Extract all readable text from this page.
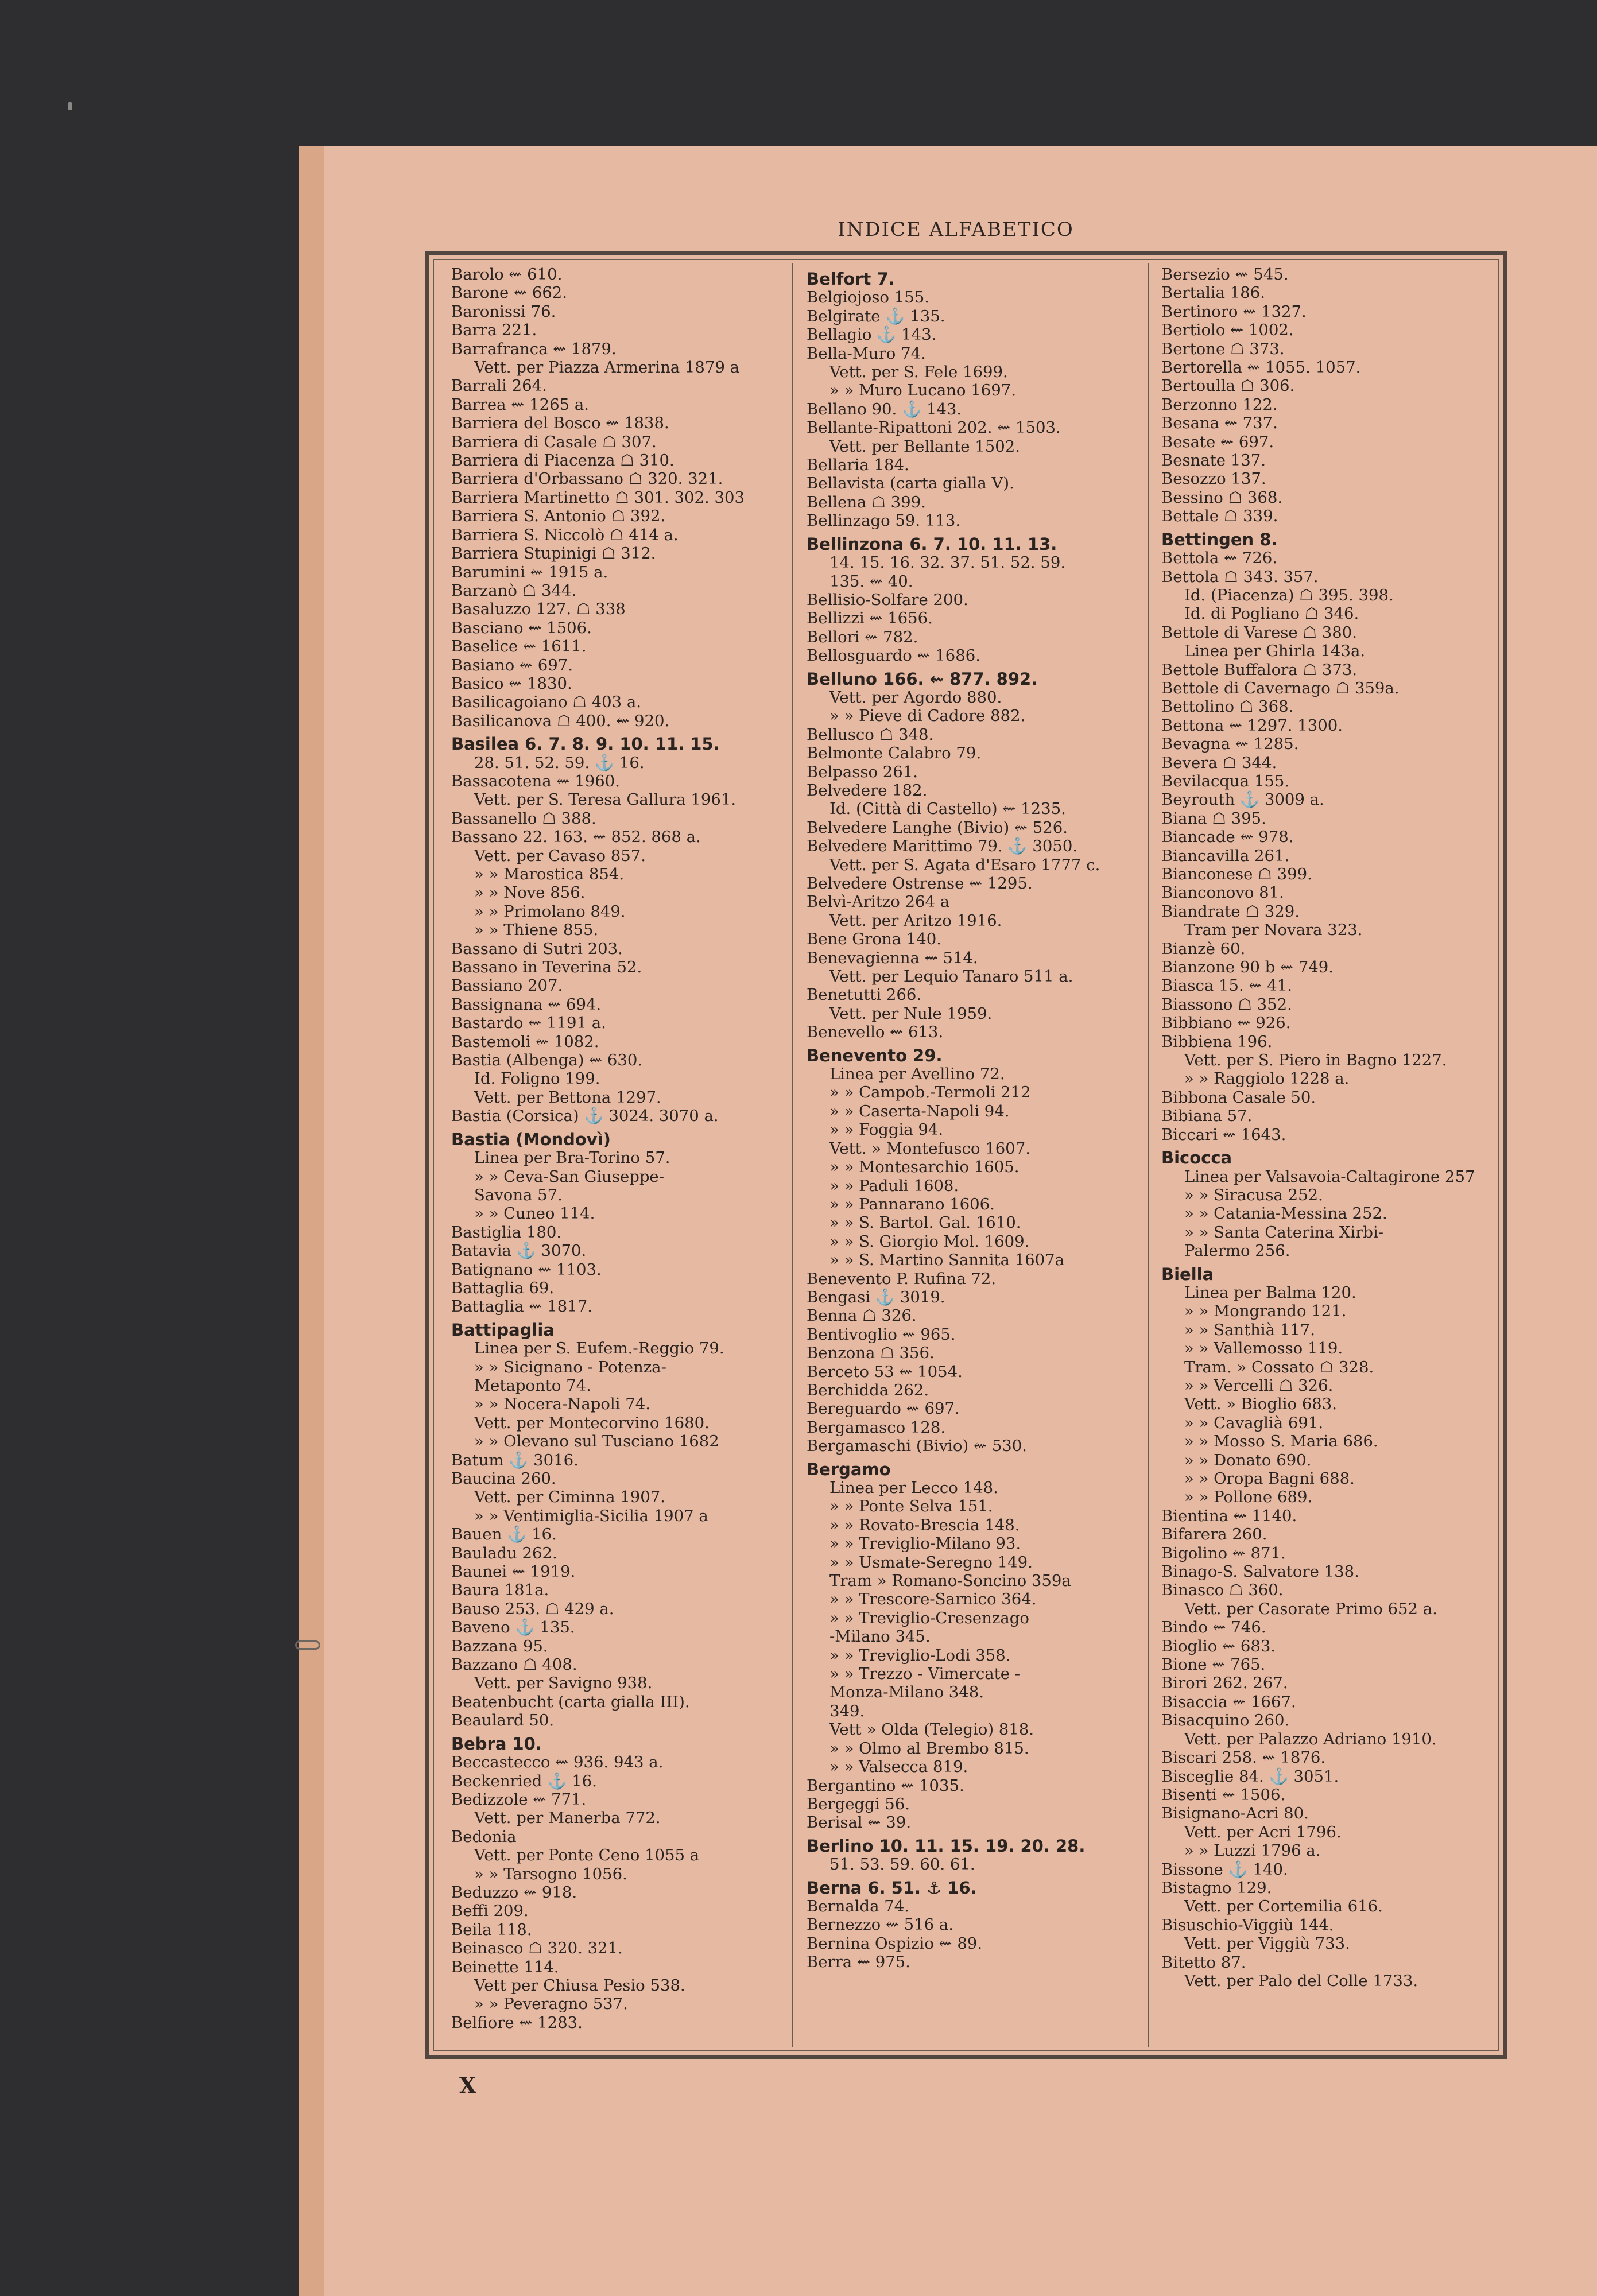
INDICE ALFABETICO
Barolo ⇜ 610.
Barone ⇜ 662.
Baronissi 76.
Barra 221.
Barrafranca ⇜ 1879.
Vett. per Piazza Armerina 1879 a
Barrali 264.
Barrea ⇜ 1265 a.
Barriera del Bosco ⇜ 1838.
Barriera di Casale ☖ 307.
Barriera di Piacenza ☖ 310.
Barriera d'Orbassano ☖ 320. 321.
Barriera Martinetto ☖ 301. 302. 303
Barriera S. Antonio ☖ 392.
Barriera S. Niccolò ☖ 414 a.
Barriera Stupinigi ☖ 312.
Barumini ⇜ 1915 a.
Barzanò ☖ 344.
Basaluzzo 127. ☖ 338
Basciano ⇜ 1506.
Baselice ⇜ 1611.
Basiano ⇜ 697.
Basico ⇜ 1830.
Basilicagoiano ☖ 403 a.
Basilicanova ☖ 400. ⇜ 920.
Basilea 6. 7. 8. 9. 10. 11. 15.
28. 51. 52. 59. ⚓ 16.
Bassacotena ⇜ 1960.
Vett. per S. Teresa Gallura 1961.
Bassanello ☖ 388.
Bassano 22. 163. ⇜ 852. 868 a.
Vett. per Cavaso 857.
» » Marostica 854.
» » Nove 856.
» » Primolano 849.
» » Thiene 855.
Bassano di Sutri 203.
Bassano in Teverina 52.
Bassiano 207.
Bassignana ⇜ 694.
Bastardo ⇜ 1191 a.
Bastemoli ⇜ 1082.
Bastia (Albenga) ⇜ 630.
Id. Foligno 199.
Vett. per Bettona 1297.
Bastia (Corsica) ⚓ 3024. 3070 a.
Bastia (Mondovì)
Linea per Bra-Torino 57.
» » Ceva-San Giuseppe-
Savona 57.
» » Cuneo 114.
Bastiglia 180.
Batavia ⚓ 3070.
Batignano ⇜ 1103.
Battaglia 69.
Battaglia ⇜ 1817.
Battipaglia
Linea per S. Eufem.-Reggio 79.
» » Sicignano - Potenza-
Metaponto 74.
» » Nocera-Napoli 74.
Vett. per Montecorvino 1680.
» » Olevano sul Tusciano 1682
Batum ⚓ 3016.
Baucina 260.
Vett. per Ciminna 1907.
» » Ventimiglia-Sicilia 1907 a
Bauen ⚓ 16.
Bauladu 262.
Baunei ⇜ 1919.
Baura 181a.
Bauso 253. ☖ 429 a.
Baveno ⚓ 135.
Bazzana 95.
Bazzano ☖ 408.
Vett. per Savigno 938.
Beatenbucht (carta gialla III).
Beaulard 50.
Bebra 10.
Beccastecco ⇜ 936. 943 a.
Beckenried ⚓ 16.
Bedizzole ⇜ 771.
Vett. per Manerba 772.
Bedonia
Vett. per Ponte Ceno 1055 a
» » Tarsogno 1056.
Beduzzo ⇜ 918.
Beffi 209.
Beila 118.
Beinasco ☖ 320. 321.
Beinette 114.
Vett per Chiusa Pesio 538.
» » Peveragno 537.
Belfiore ⇜ 1283.
Belfort 7.
Belgiojoso 155.
Belgirate ⚓ 135.
Bellagio ⚓ 143.
Bella-Muro 74.
Vett. per S. Fele 1699.
» » Muro Lucano 1697.
Bellano 90. ⚓ 143.
Bellante-Ripattoni 202. ⇜ 1503.
Vett. per Bellante 1502.
Bellaria 184.
Bellavista (carta gialla V).
Bellena ☖ 399.
Bellinzago 59. 113.
Bellinzona 6. 7. 10. 11. 13.
14. 15. 16. 32. 37. 51. 52. 59.
135. ⇜ 40.
Bellisio-Solfare 200.
Bellizzi ⇜ 1656.
Bellori ⇜ 782.
Bellosguardo ⇜ 1686.
Belluno 166. ⇜ 877. 892.
Vett. per Agordo 880.
» » Pieve di Cadore 882.
Bellusco ☖ 348.
Belmonte Calabro 79.
Belpasso 261.
Belvedere 182.
Id. (Città di Castello) ⇜ 1235.
Belvedere Langhe (Bivio) ⇜ 526.
Belvedere Marittimo 79. ⚓ 3050.
Vett. per S. Agata d'Esaro 1777 c.
Belvedere Ostrense ⇜ 1295.
Belvì-Aritzo 264 a
Vett. per Aritzo 1916.
Bene Grona 140.
Benevagienna ⇜ 514.
Vett. per Lequio Tanaro 511 a.
Benetutti 266.
Vett. per Nule 1959.
Benevello ⇜ 613.
Benevento 29.
Linea per Avellino 72.
» » Campob.-Termoli 212
» » Caserta-Napoli 94.
» » Foggia 94.
Vett. » Montefusco 1607.
» » Montesarchio 1605.
» » Paduli 1608.
» » Pannarano 1606.
» » S. Bartol. Gal. 1610.
» » S. Giorgio Mol. 1609.
» » S. Martino Sannita 1607a
Benevento P. Rufina 72.
Bengasi ⚓ 3019.
Benna ☖ 326.
Bentivoglio ⇜ 965.
Benzona ☖ 356.
Berceto 53 ⇜ 1054.
Berchidda 262.
Bereguardo ⇜ 697.
Bergamasco 128.
Bergamaschi (Bivio) ⇜ 530.
Bergamo
Linea per Lecco 148.
» » Ponte Selva 151.
» » Rovato-Brescia 148.
» » Treviglio-Milano 93.
» » Usmate-Seregno 149.
Tram » Romano-Soncino 359a
» » Trescore-Sarnico 364.
» » Treviglio-Cresenzago
-Milano 345.
» » Treviglio-Lodi 358.
» » Trezzo - Vimercate -
Monza-Milano 348.
349.
Vett » Olda (Telegio) 818.
» » Olmo al Brembo 815.
» » Valsecca 819.
Bergantino ⇜ 1035.
Bergeggi 56.
Berisal ⇜ 39.
Berlino 10. 11. 15. 19. 20. 28.
51. 53. 59. 60. 61.
Berna 6. 51. ⚓ 16.
Bernalda 74.
Bernezzo ⇜ 516 a.
Bernina Ospizio ⇜ 89.
Berra ⇜ 975.
Bersezio ⇜ 545.
Bertalia 186.
Bertinoro ⇜ 1327.
Bertiolo ⇜ 1002.
Bertone ☖ 373.
Bertorella ⇜ 1055. 1057.
Bertoulla ☖ 306.
Berzonno 122.
Besana ⇜ 737.
Besate ⇜ 697.
Besnate 137.
Besozzo 137.
Bessino ☖ 368.
Bettale ☖ 339.
Bettingen 8.
Bettola ⇜ 726.
Bettola ☖ 343. 357.
Id. (Piacenza) ☖ 395. 398.
Id. di Pogliano ☖ 346.
Bettole di Varese ☖ 380.
Linea per Ghirla 143a.
Bettole Buffalora ☖ 373.
Bettole di Cavernago ☖ 359a.
Bettolino ☖ 368.
Bettona ⇜ 1297. 1300.
Bevagna ⇜ 1285.
Bevera ☖ 344.
Bevilacqua 155.
Beyrouth ⚓ 3009 a.
Biana ☖ 395.
Biancade ⇜ 978.
Biancavilla 261.
Bianconese ☖ 399.
Bianconovo 81.
Biandrate ☖ 329.
Tram per Novara 323.
Bianzè 60.
Bianzone 90 b ⇜ 749.
Biasca 15. ⇜ 41.
Biassono ☖ 352.
Bibbiano ⇜ 926.
Bibbiena 196.
Vett. per S. Piero in Bagno 1227.
» » Raggiolo 1228 a.
Bibbona Casale 50.
Bibiana 57.
Biccari ⇜ 1643.
Bicocca
Linea per Valsavoia-Caltagirone 257
» » Siracusa 252.
» » Catania-Messina 252.
» » Santa Caterina Xirbi-
Palermo 256.
Biella
Linea per Balma 120.
» » Mongrando 121.
» » Santhià 117.
» » Vallemosso 119.
Tram. » Cossato ☖ 328.
» » Vercelli ☖ 326.
Vett. » Bioglio 683.
» » Cavaglià 691.
» » Mosso S. Maria 686.
» » Donato 690.
» » Oropa Bagni 688.
» » Pollone 689.
Bientina ⇜ 1140.
Bifarera 260.
Bigolino ⇜ 871.
Binago-S. Salvatore 138.
Binasco ☖ 360.
Vett. per Casorate Primo 652 a.
Bindo ⇜ 746.
Bioglio ⇜ 683.
Bione ⇜ 765.
Birori 262. 267.
Bisaccia ⇜ 1667.
Bisacquino 260.
Vett. per Palazzo Adriano 1910.
Biscari 258. ⇜ 1876.
Bisceglie 84. ⚓ 3051.
Bisenti ⇜ 1506.
Bisignano-Acri 80.
Vett. per Acri 1796.
» » Luzzi 1796 a.
Bissone ⚓ 140.
Bistagno 129.
Vett. per Cortemilia 616.
Bisuschio-Viggiù 144.
Vett. per Viggiù 733.
Bitetto 87.
Vett. per Palo del Colle 1733.
X
